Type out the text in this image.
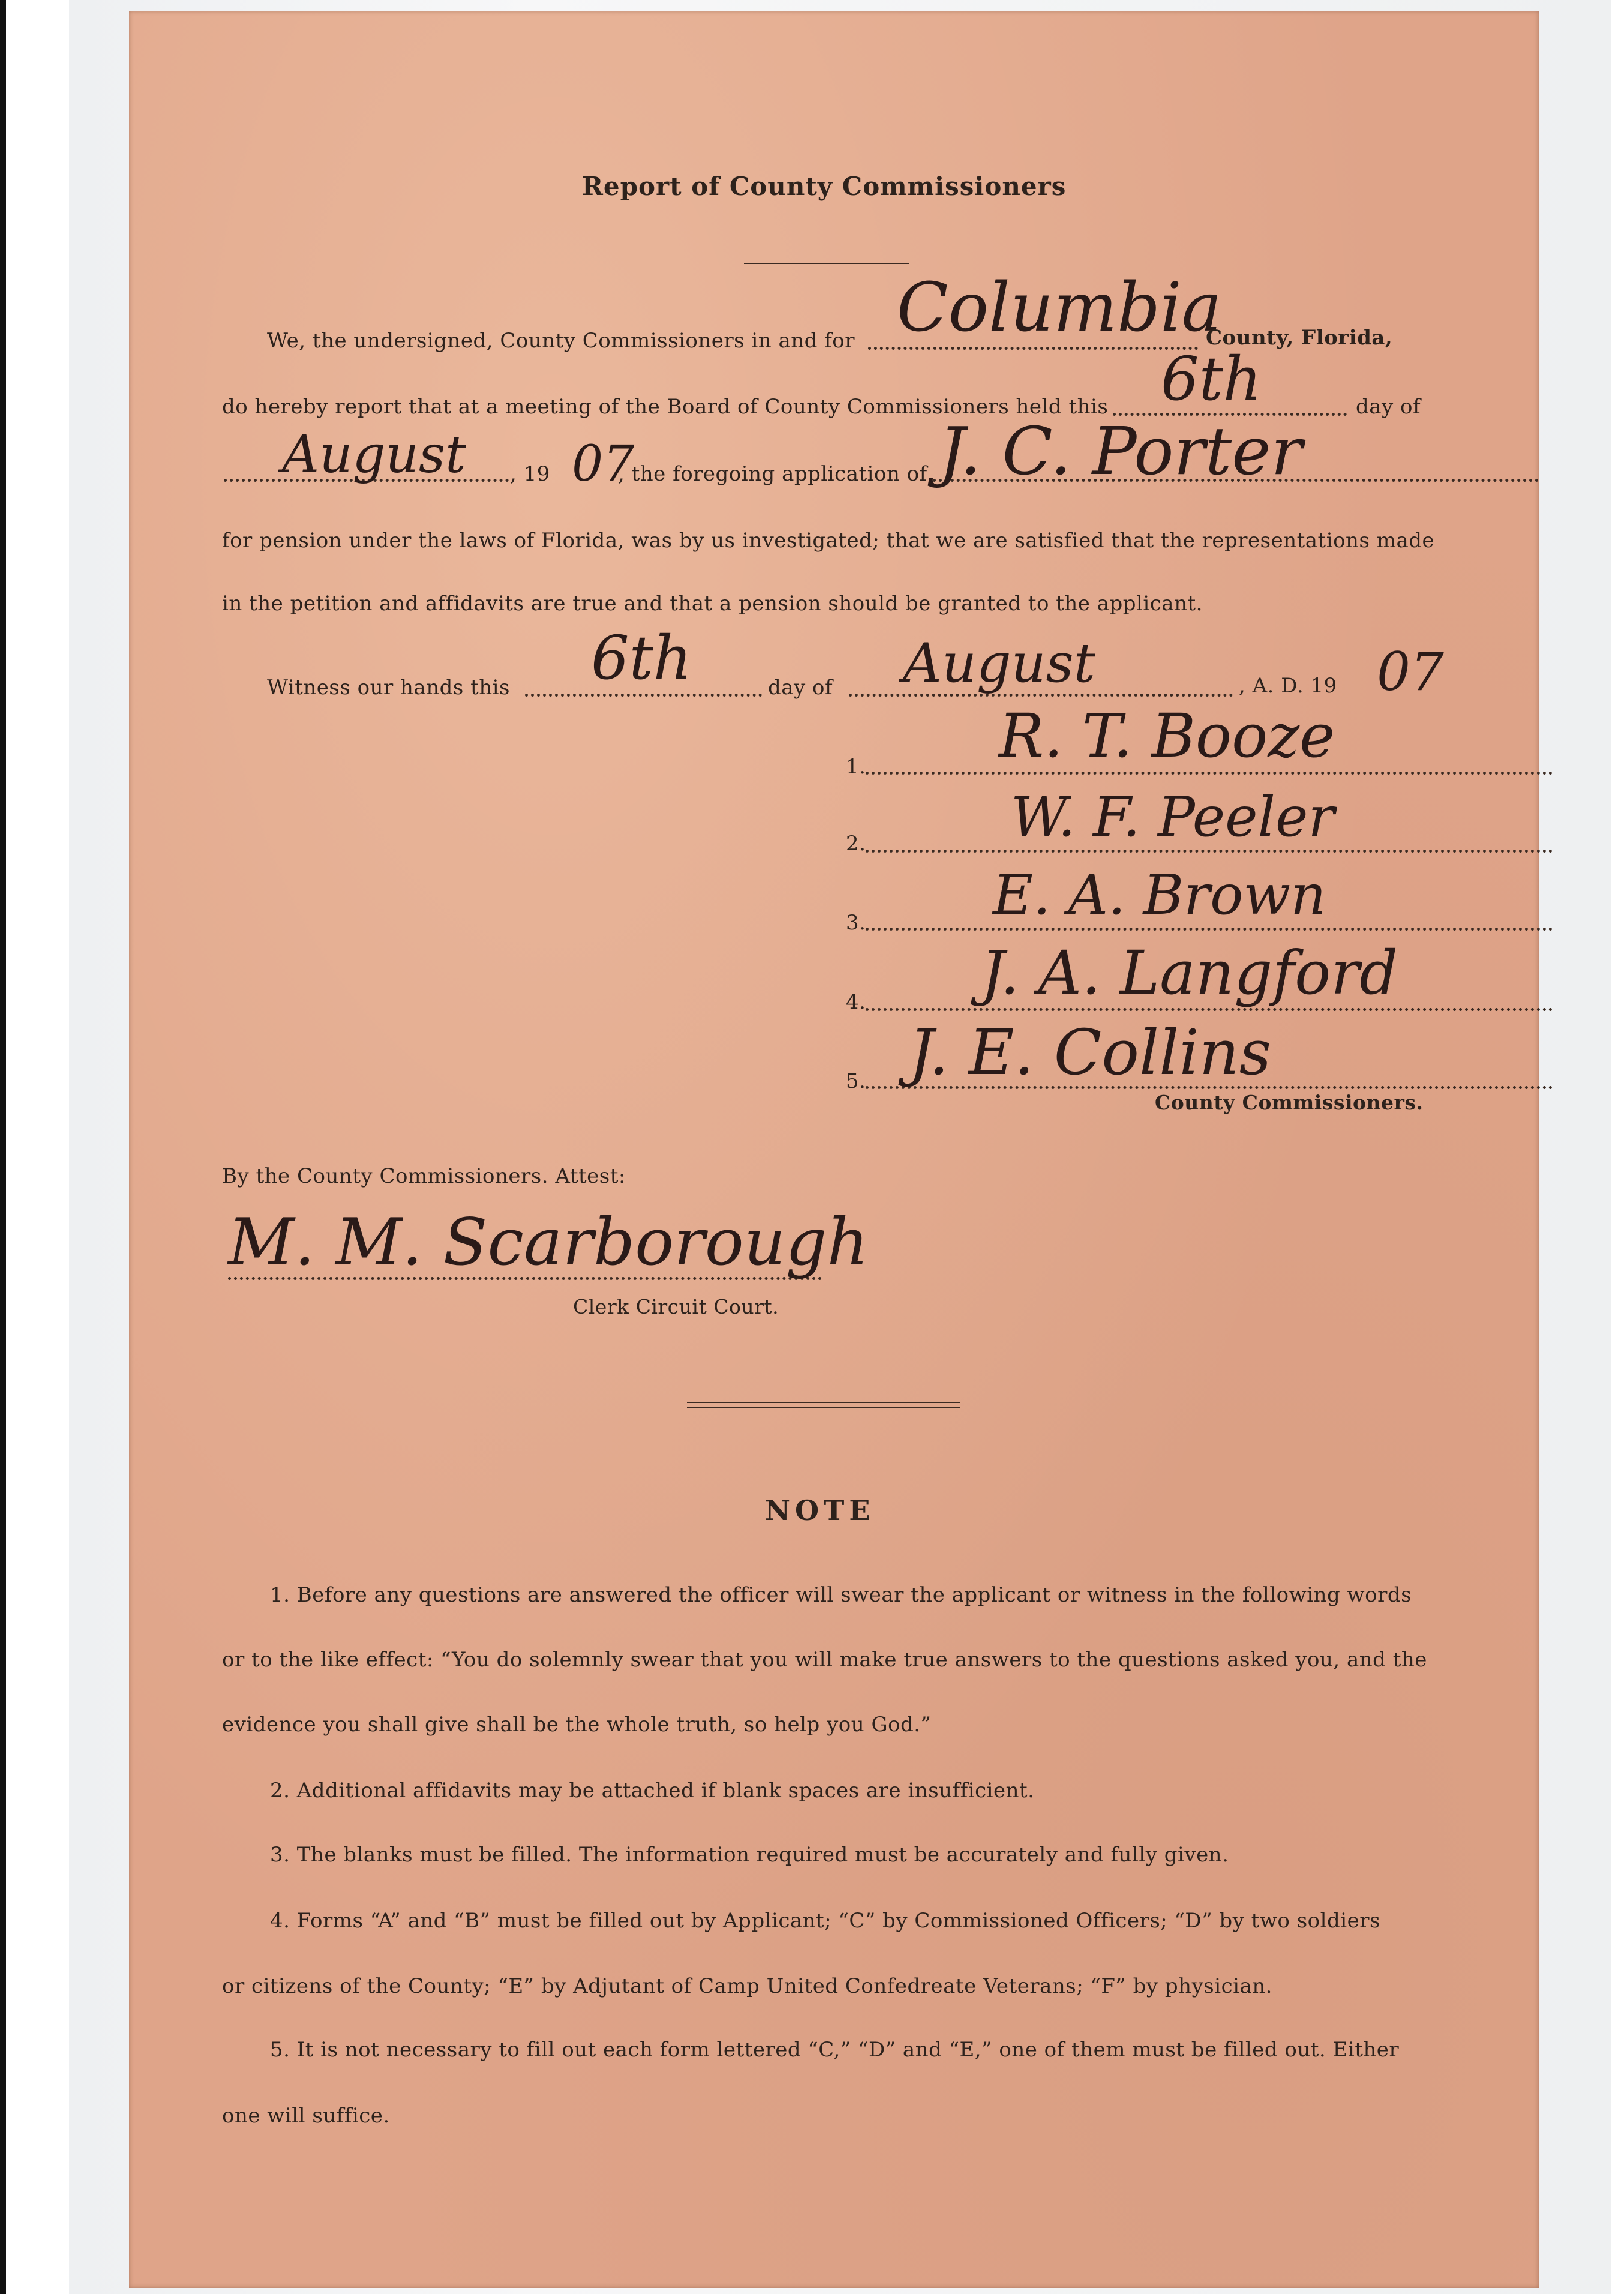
Report of County Commissioners
We, the undersigned, County Commissioners in and for Columbia
County, Florida,
do hereby report that at a meeting of the Board of County Commissioners held this 6th	day of
August , 19 07
, the foregoing application of J. C. Porter
for pension under the laws of Florida, was by us investigated; that we are satisfied that the representations made
in the petition and affidavits are true and that a pension should be granted to the applicant.
Witness our hands this 6th	day of August	, A. D. 19 07
1. R. T. Booze
2.	W. F. Peeler
3. E. A. Brown
4. J. A. Langford
5. J. E. Collins
County Commissioners.
By the County Commissioners. Attest:
M. M. Scarborough
Clerk Circuit Court.
NOTE
1. Before any questions are answered the officer will swear the applicant or witness in the following words
or to the like effect: “You do solemnly swear that you will make true answers to the questions asked you, and the
evidence you shall give shall be the whole truth, so help you God.”
2. Additional affidavits may be attached if blank spaces are insufficient.
3. The blanks must be filled. The information required must be accurately and fully given.
4. Forms “A” and “B” must be filled out by Applicant; “C” by Commissioned Officers; “D” by two soldiers
or citizens of the County; “E” by Adjutant of Camp United Confedreate Veterans; “F” by physician.
5. It is not necessary to fill out each form lettered “C,” “D” and “E,” one of them must be filled out. Either
one will suffice.
